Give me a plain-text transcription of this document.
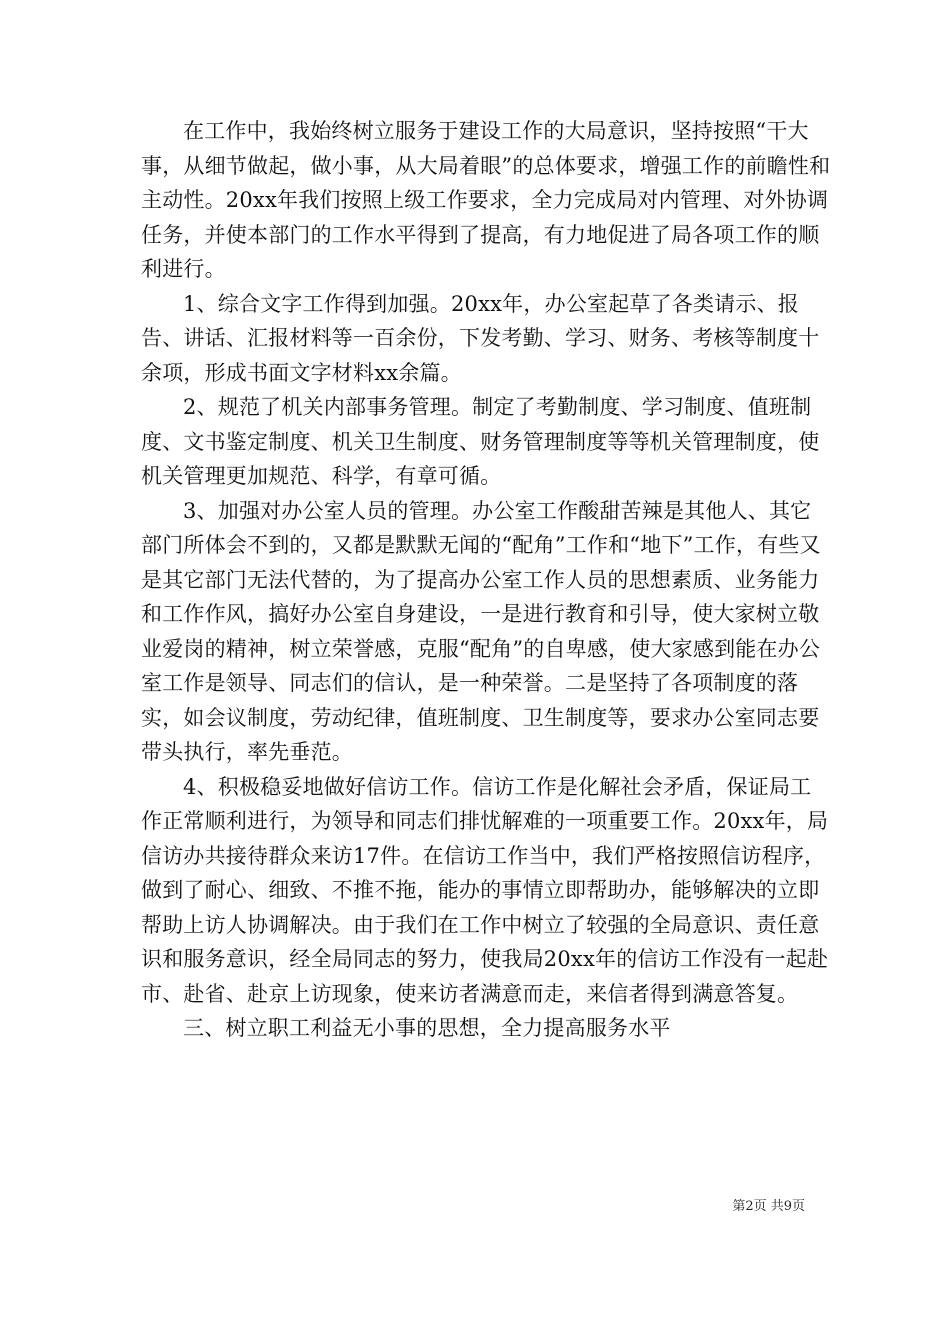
在工作中，我始终树立服务于建设工作的大局意识，坚持按照“干大事，从细节做起，做小事，从大局着眼”的总体要求，增强工作的前瞻性和主动性。20xx年我们按照上级工作要求，全力完成局对内管理、对外协调任务，并使本部门的工作水平得到了提高，有力地促进了局各项工作的顺利进行。

1、综合文字工作得到加强。20xx年，办公室起草了各类请示、报告、讲话、汇报材料等一百余份，下发考勤、学习、财务、考核等制度十余项，形成书面文字材料xx余篇。

2、规范了机关内部事务管理。制定了考勤制度、学习制度、值班制度、文书鉴定制度、机关卫生制度、财务管理制度等等机关管理制度，使机关管理更加规范、科学，有章可循。

3、加强对办公室人员的管理。办公室工作酸甜苦辣是其他人、其它部门所体会不到的，又都是默默无闻的“配角”工作和“地下”工作，有些又是其它部门无法代替的，为了提高办公室工作人员的思想素质、业务能力和工作作风，搞好办公室自身建设，一是进行教育和引导，使大家树立敬业爱岗的精神，树立荣誉感，克服“配角”的自卑感，使大家感到能在办公室工作是领导、同志们的信认，是一种荣誉。二是坚持了各项制度的落实，如会议制度，劳动纪律，值班制度、卫生制度等，要求办公室同志要带头执行，率先垂范。

4、积极稳妥地做好信访工作。信访工作是化解社会矛盾，保证局工作正常顺利进行，为领导和同志们排忧解难的一项重要工作。20xx年，局信访办共接待群众来访17件。在信访工作当中，我们严格按照信访程序，做到了耐心、细致、不推不拖，能办的事情立即帮助办，能够解决的立即帮助上访人协调解决。由于我们在工作中树立了较强的全局意识、责任意识和服务意识，经全局同志的努力，使我局20xx年的信访工作没有一起赴市、赴省、赴京上访现象，使来访者满意而走，来信者得到满意答复。

三、树立职工利益无小事的思想，全力提高服务水平

第2页 共9页
